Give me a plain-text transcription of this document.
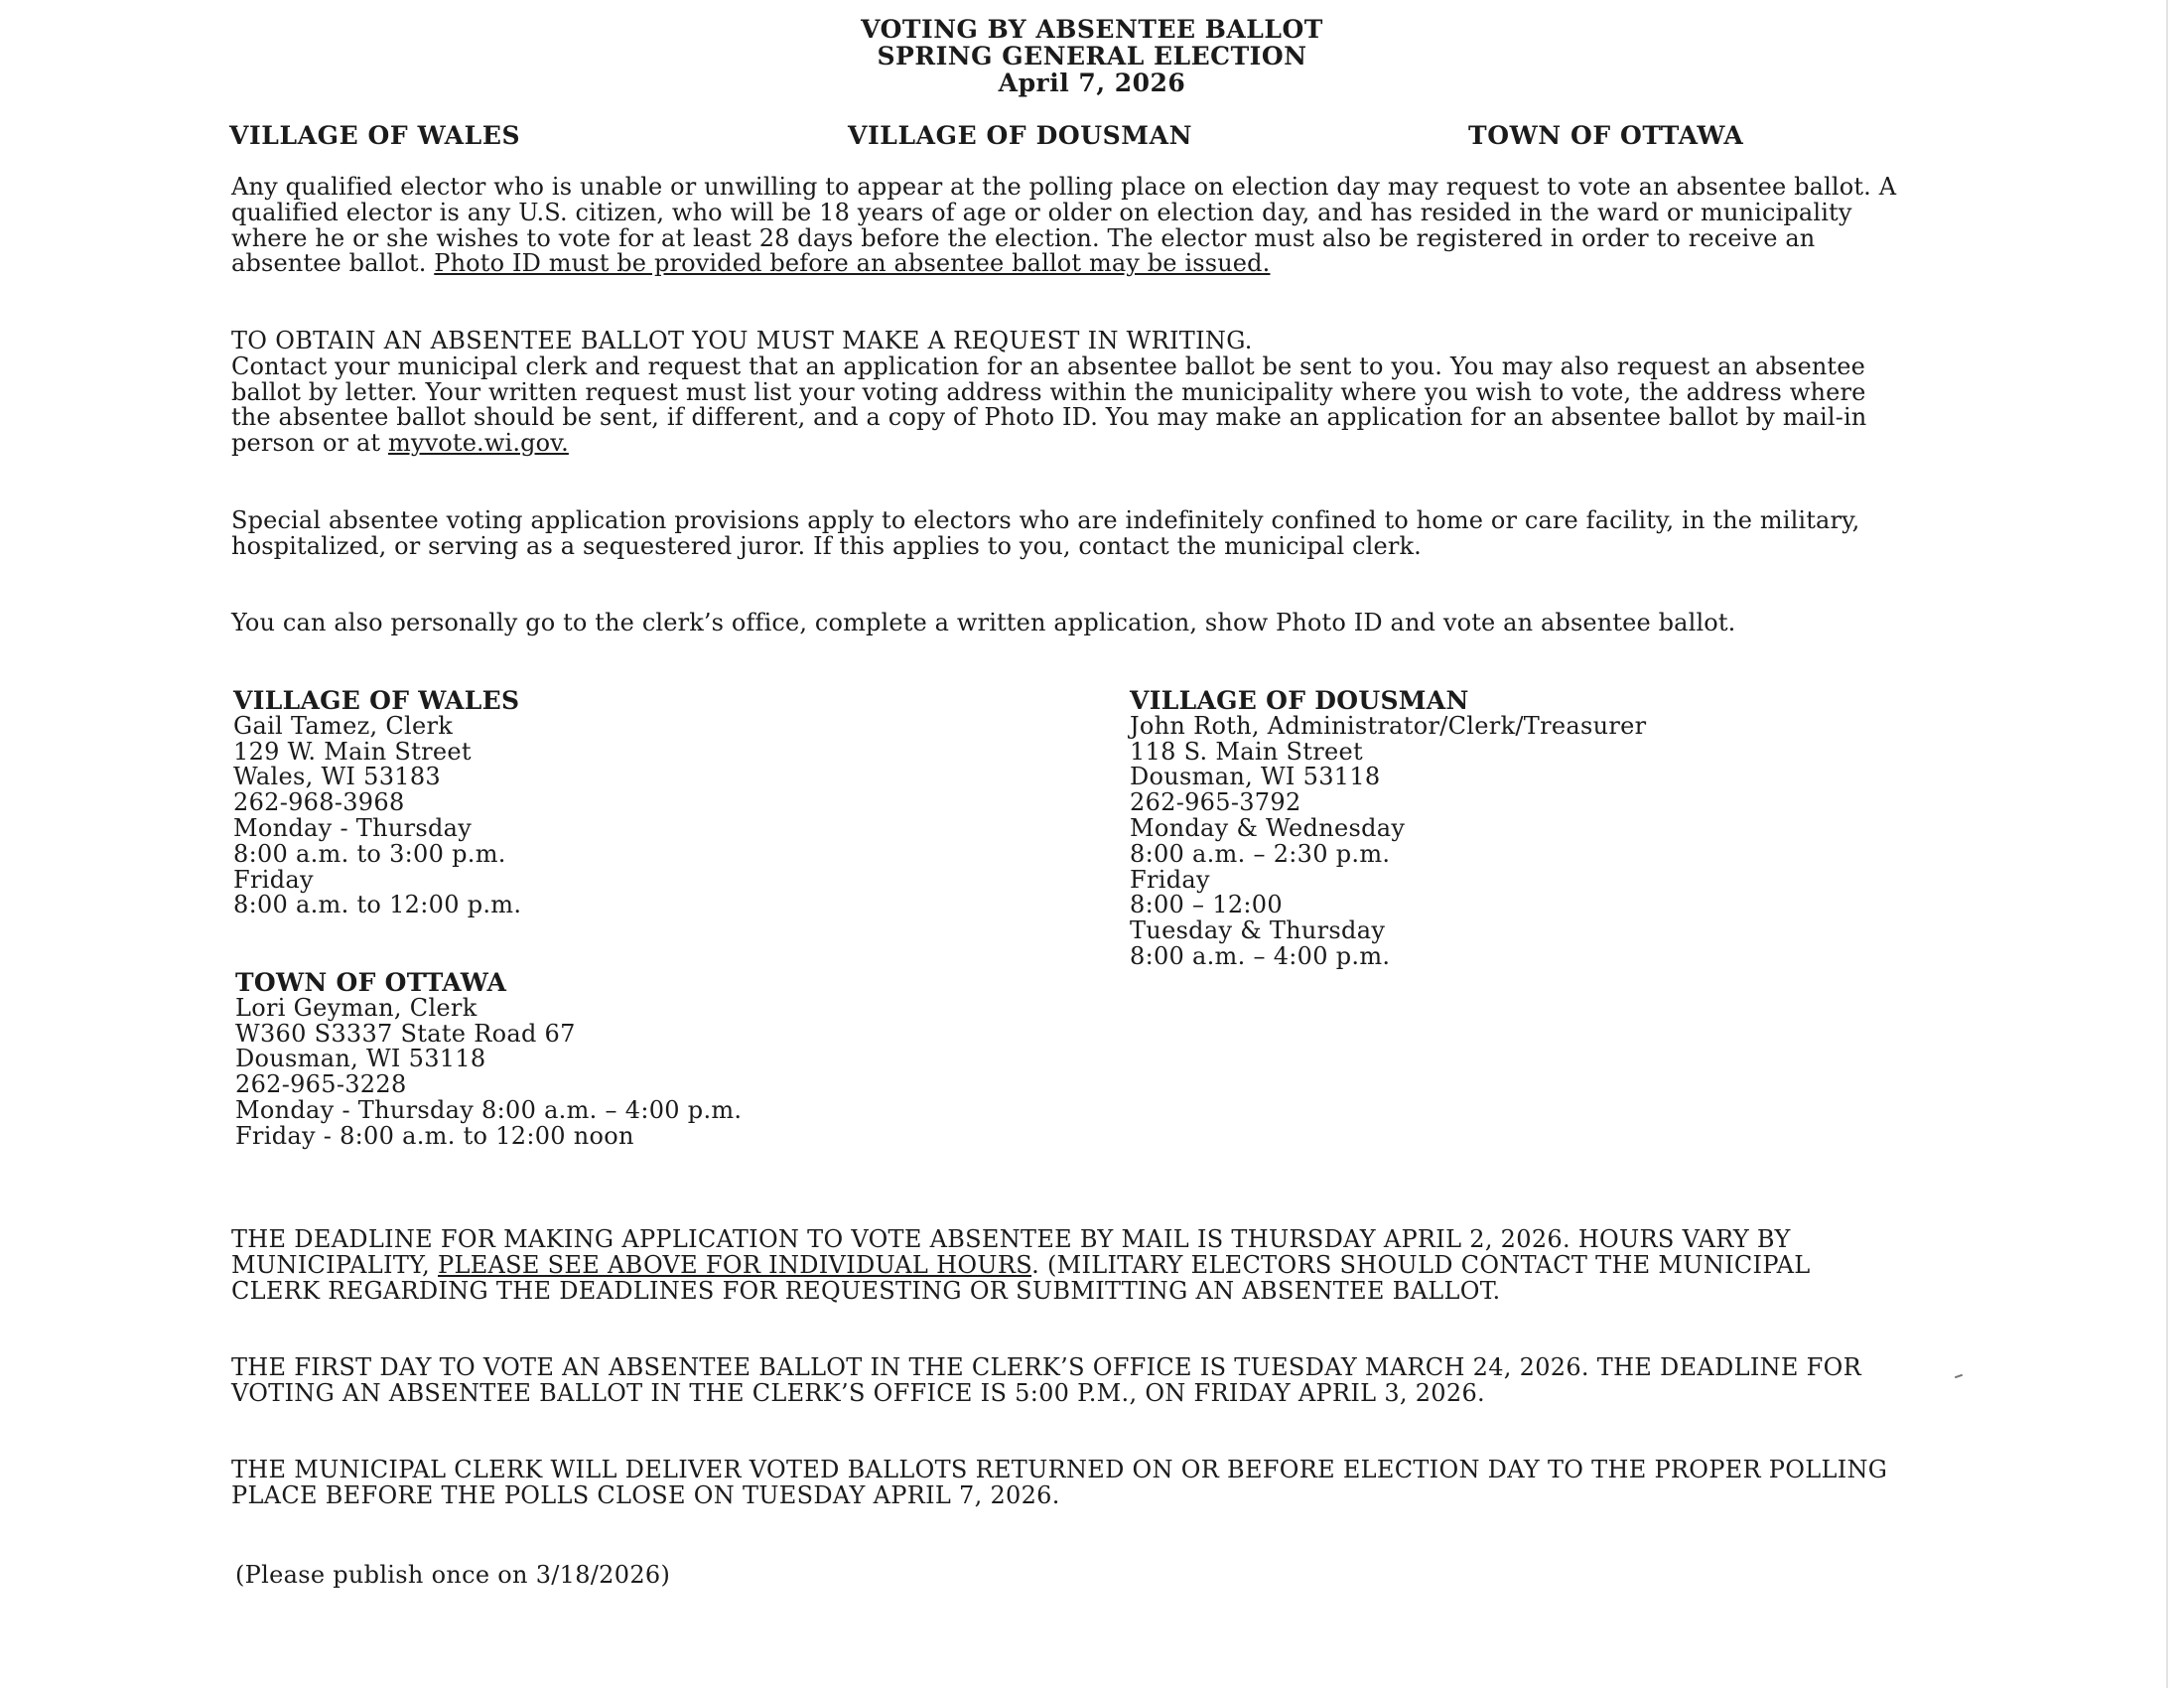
VOTING BY ABSENTEE BALLOT

SPRING GENERAL ELECTION

April 7, 2026

VILLAGE OF WALES	VILLAGE OF DOUSMAN	TOWN OF OTTAWA

Any qualified elector who is unable or unwilling to appear at the polling place on election day may request to vote an absentee ballot. A qualified elector is any U.S. citizen, who will be 18 years of age or older on election day, and has resided in the ward or municipality where he or she wishes to vote for at least 28 days before the election. The elector must also be registered in order to receive an absentee ballot. Photo ID must be provided before an absentee ballot may be issued.

TO OBTAIN AN ABSENTEE BALLOT YOU MUST MAKE A REQUEST IN WRITING.
Contact your municipal clerk and request that an application for an absentee ballot be sent to you. You may also request an absentee ballot by letter. Your written request must list your voting address within the municipality where you wish to vote, the address where the absentee ballot should be sent, if different, and a copy of Photo ID. You may make an application for an absentee ballot by mail-in person or at myvote.wi.gov.

Special absentee voting application provisions apply to electors who are indefinitely confined to home or care facility, in the military, hospitalized, or serving as a sequestered juror. If this applies to you, contact the municipal clerk.

You can also personally go to the clerk’s office, complete a written application, show Photo ID and vote an absentee ballot.

VILLAGE OF WALES
Gail Tamez, Clerk
129 W. Main Street
Wales, WI 53183
262-968-3968
Monday - Thursday
8:00 a.m. to 3:00 p.m.
Friday
8:00 a.m. to 12:00 p.m.
VILLAGE OF DOUSMAN
John Roth, Administrator/Clerk/Treasurer
118 S. Main Street
Dousman, WI 53118
262-965-3792
Monday & Wednesday
8:00 a.m. – 2:30 p.m.
Friday
8:00 – 12:00
Tuesday & Thursday
8:00 a.m. – 4:00 p.m.
TOWN OF OTTAWA
Lori Geyman, Clerk
W360 S3337 State Road 67
Dousman, WI 53118
262-965-3228
Monday - Thursday 8:00 a.m. – 4:00 p.m.
Friday - 8:00 a.m. to 12:00 noon

THE DEADLINE FOR MAKING APPLICATION TO VOTE ABSENTEE BY MAIL IS THURSDAY APRIL 2, 2026. HOURS VARY BY MUNICIPALITY, PLEASE SEE ABOVE FOR INDIVIDUAL HOURS. (MILITARY ELECTORS SHOULD CONTACT THE MUNICIPAL CLERK REGARDING THE DEADLINES FOR REQUESTING OR SUBMITTING AN ABSENTEE BALLOT.

THE FIRST DAY TO VOTE AN ABSENTEE BALLOT IN THE CLERK’S OFFICE IS TUESDAY MARCH 24, 2026. THE DEADLINE FOR VOTING AN ABSENTEE BALLOT IN THE CLERK’S OFFICE IS 5:00 P.M., ON FRIDAY APRIL 3, 2026.

THE MUNICIPAL CLERK WILL DELIVER VOTED BALLOTS RETURNED ON OR BEFORE ELECTION DAY TO THE PROPER POLLING PLACE BEFORE THE POLLS CLOSE ON TUESDAY APRIL 7, 2026.

(Please publish once on 3/18/2026)
